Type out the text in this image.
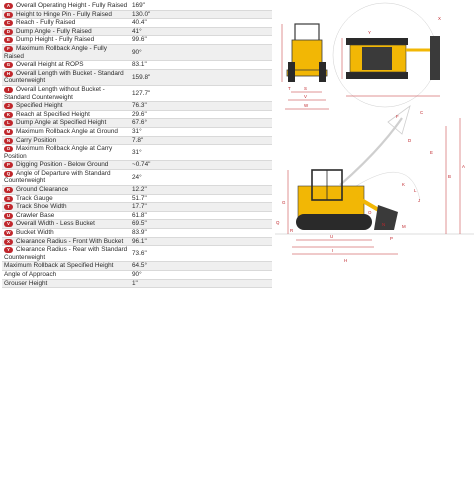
A Overall Operating Height - Fully Raised	169"	
B Height to Hinge Pin - Fully Raised	130.0"	
C Reach - Fully Raised	40.4"	
D Dump Angle - Fully Raised	41°	
E Dump Height - Fully Raised	99.6"	
F Maximum Rollback Angle - Fully Raised	90°	
G Overall Height at ROPS	83.1"	
H Overall Length with Bucket - Standard Counterweight	159.8"	
I Overall Length without Bucket - Standard Counterweight	127.7"	
J Specified Height	76.3"	
K Reach at Specified Height	29.6"	
L Dump Angle at Specified Height	67.6°	
M Maximum Rollback Angle at Ground	31°	
N Carry Position	7.8"	
O Maximum Rollback Angle at Carry Position	31°	
P Digging Position - Below Ground	~0.74"	
Q Angle of Departure with Standard Counterweight	24°	
R Ground Clearance	12.2"	
S Track Gauge	51.7"	
T Track Shoe Width	17.7"	
U Crawler Base	61.8"	
V Overall Width - Less Bucket	69.5"	
W Bucket Width	83.9"	
X Clearance Radius - Front With Bucket	96.1"	
Y Clearance Radius - Rear with Standard Counterweight	73.6"	
Maximum Rollback at Specified Height	64.5°	
Angle of Approach	90°	
Grouser Height	1"	
A
B
C
D
E
F
G
H
I
J
K
L
M
N
O
P
Q
R
S
T
U
V
W
X
Y
